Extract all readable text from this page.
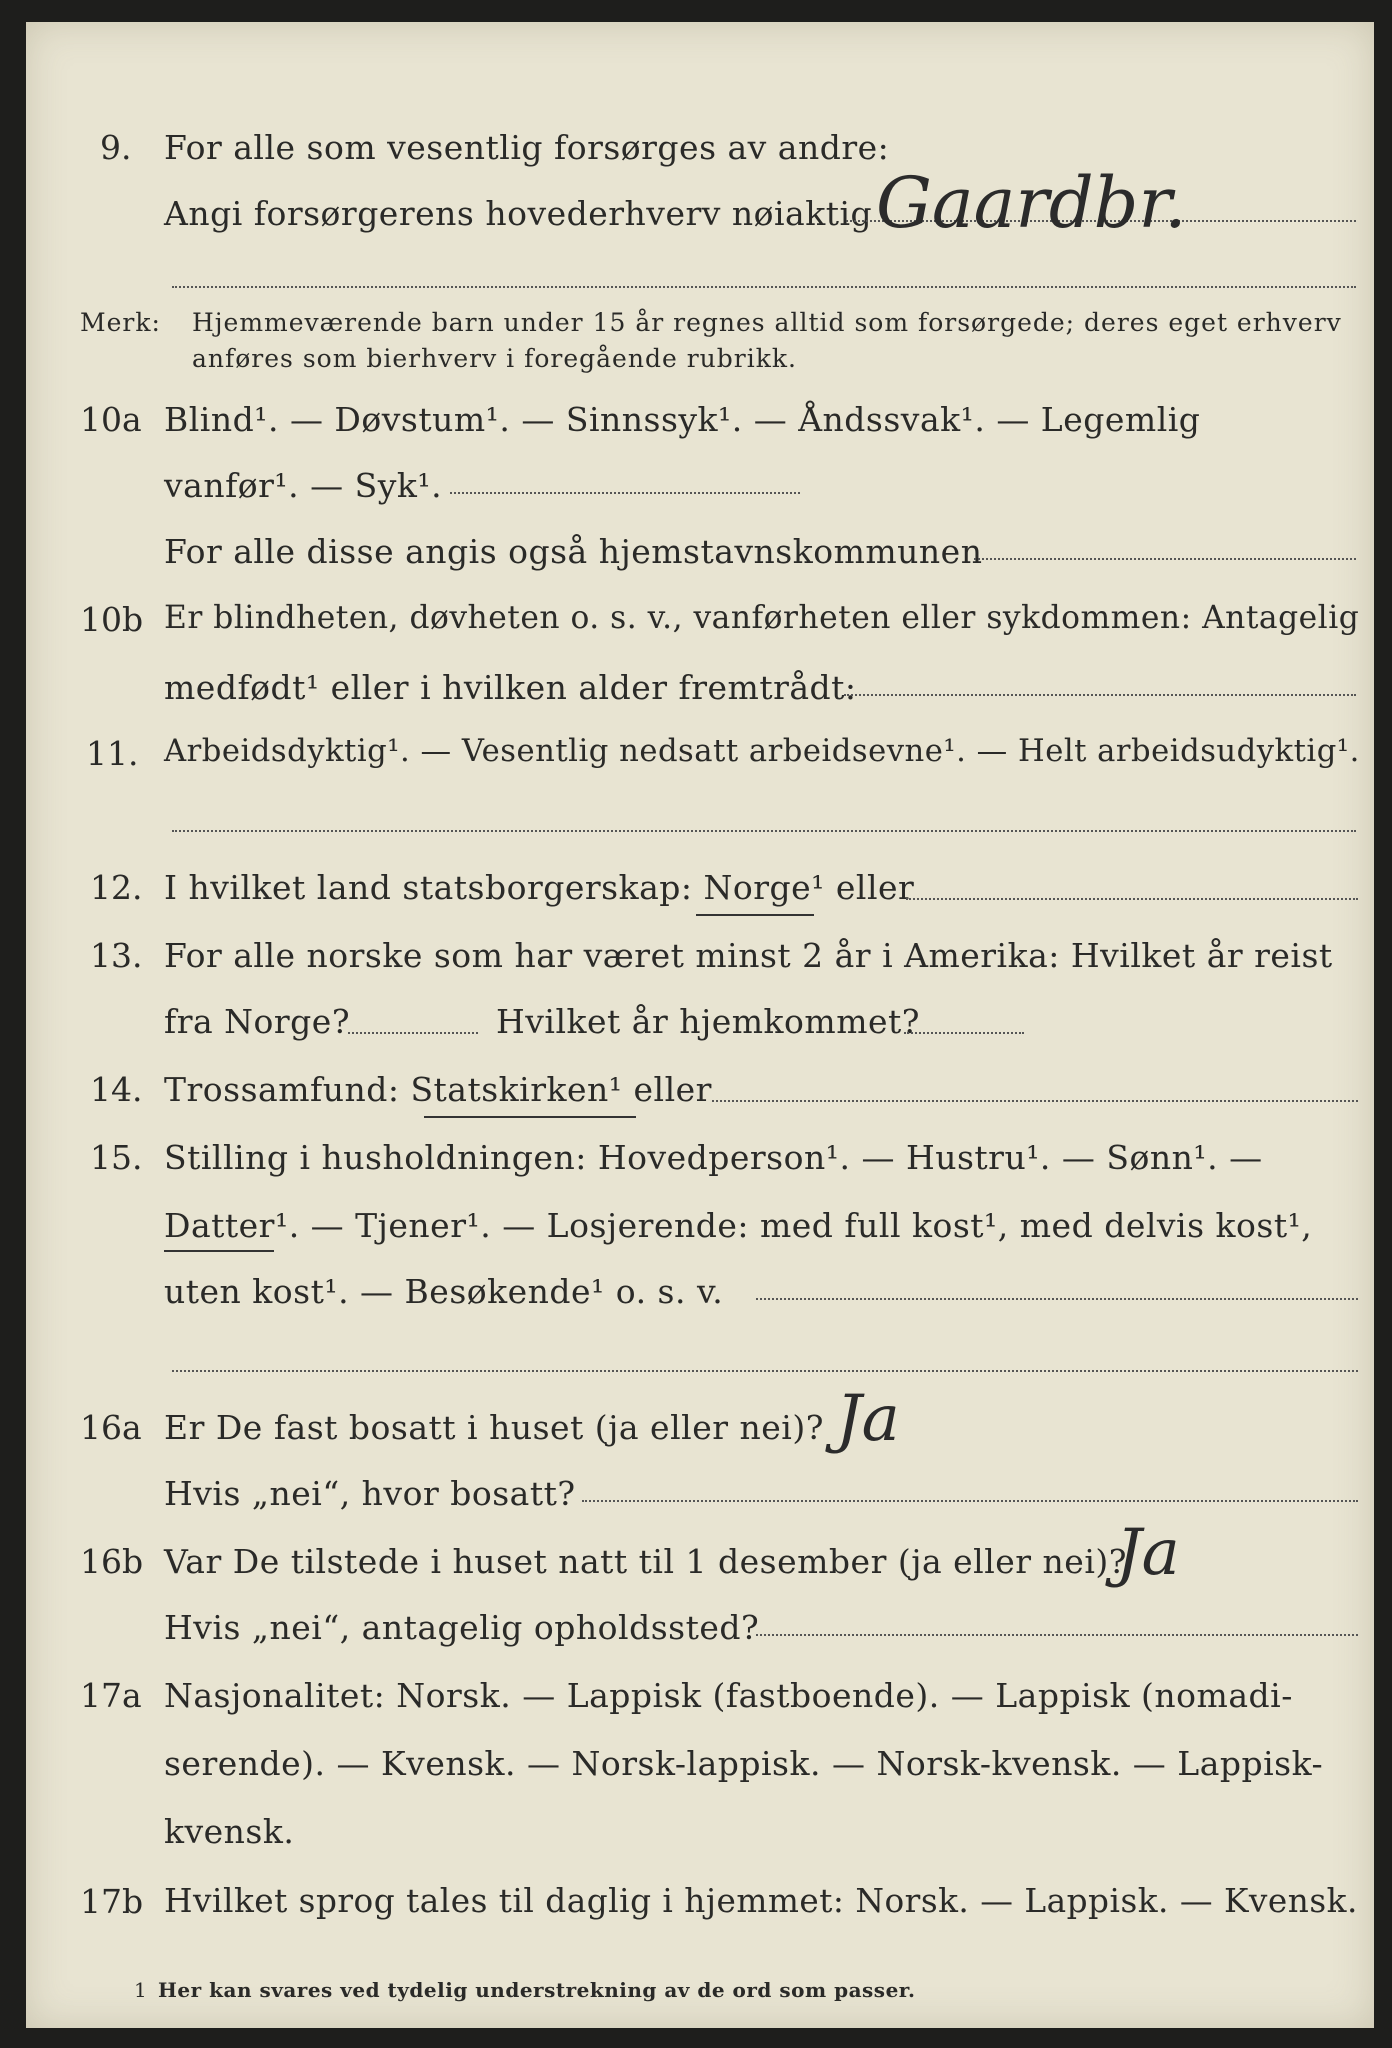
9. For alle som vesentlig forsørges av andre:
Angi forsørgerens hovederhverv nøiaktig Gaardbr.
Merk: Hjemmeværende barn under 15 år regnes alltid som forsørgede; deres eget erhverv
anføres som bierhverv i foregående rubrikk.
10a Blind¹. — Døvstum¹. — Sinnssyk¹. — Åndssvak¹. — Legemlig
vanfør¹. — Syk¹.
For alle disse angis også hjemstavnskommunen
10b Er blindheten, døvheten o. s. v., vanførheten eller sykdommen: Antagelig
medfødt¹ eller i hvilken alder fremtrådt:
11. Arbeidsdyktig¹. — Vesentlig nedsatt arbeidsevne¹. — Helt arbeidsudyktig¹.
12. I hvilket land statsborgerskap: Norge¹ eller
13. For alle norske som har været minst 2 år i Amerika: Hvilket år reist
fra Norge?	Hvilket år hjemkommet?
14. Trossamfund: Statskirken¹ eller
15. Stilling i husholdningen: Hovedperson¹. — Hustru¹. — Sønn¹. —
Datter¹. — Tjener¹. — Losjerende: med full kost¹, med delvis kost¹,
uten kost¹. — Besøkende¹ o. s. v.
16a Er De fast bosatt i huset (ja eller nei)? Ja
Hvis „nei“, hvor bosatt?
16b Var De tilstede i huset natt til 1 desember (ja eller nei)?
Ja
Hvis „nei“, antagelig opholdssted?
17a Nasjonalitet: Norsk. — Lappisk (fastboende). — Lappisk (nomadi-
serende). — Kvensk. — Norsk-lappisk. — Norsk-kvensk. — Lappisk-
kvensk.
17b Hvilket sprog tales til daglig i hjemmet: Norsk. — Lappisk. — Kvensk.
1 Her kan svares ved tydelig understrekning av de ord som passer.
